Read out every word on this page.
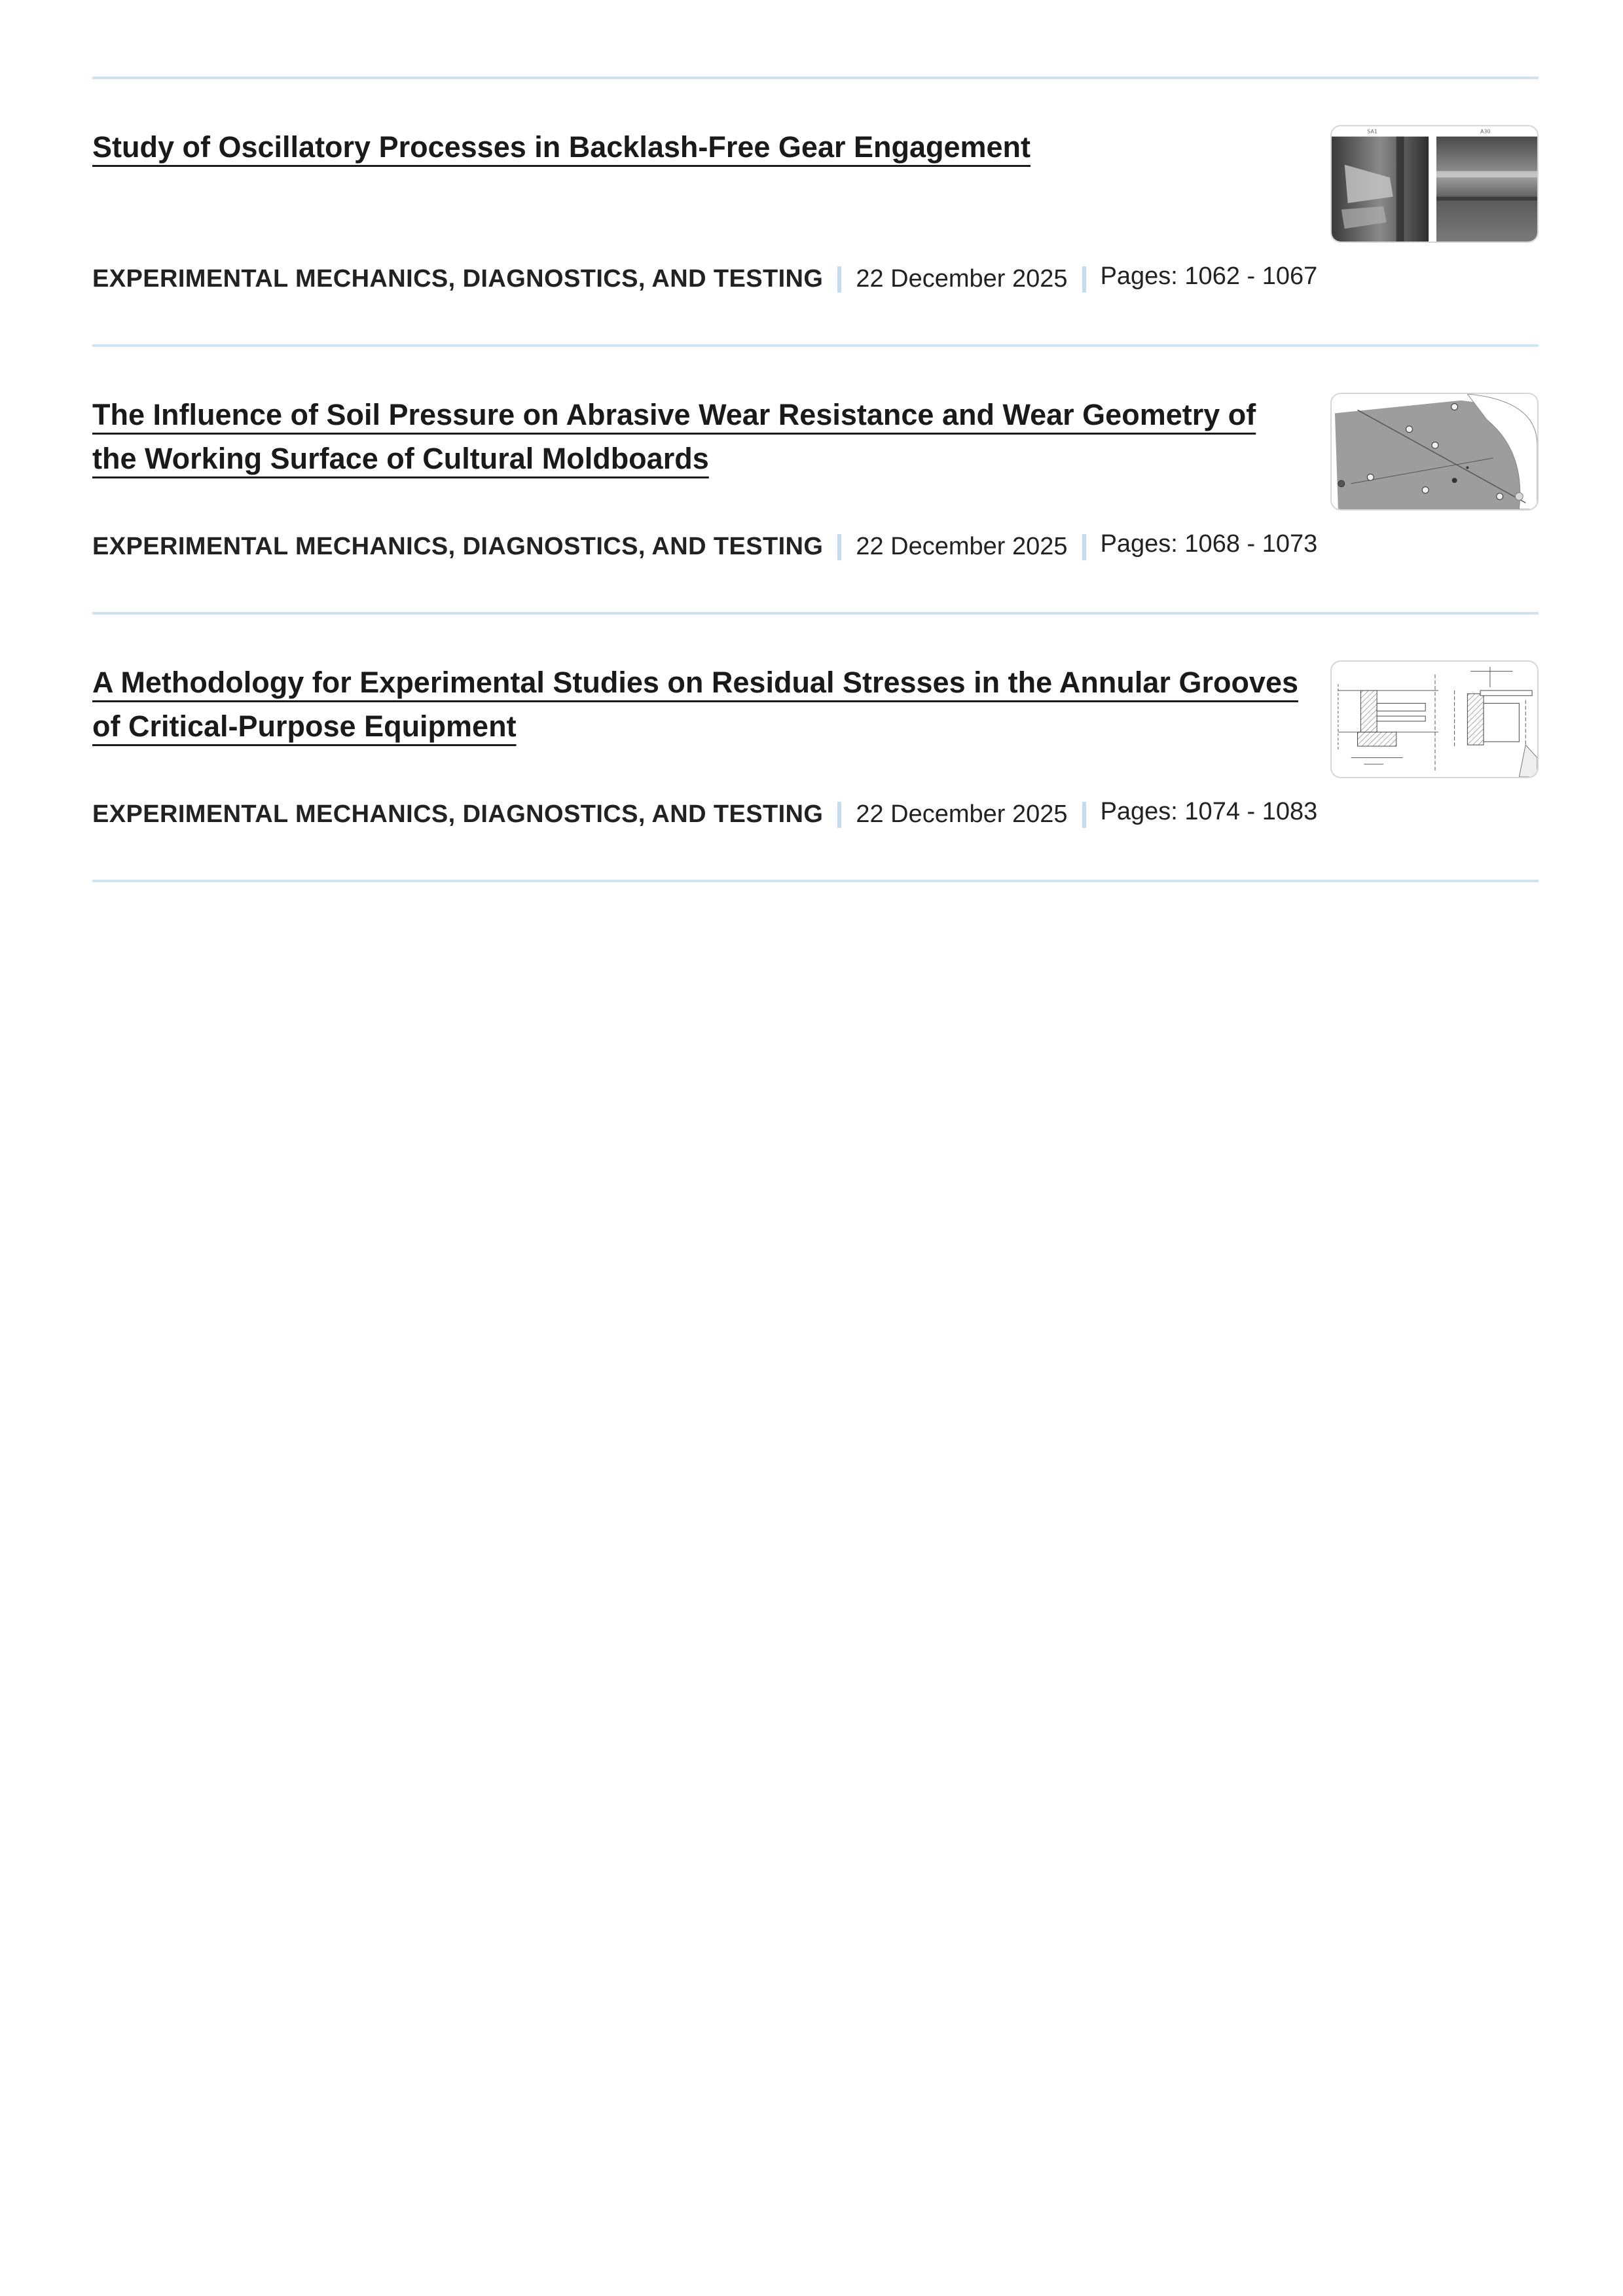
Study of Oscillatory Processes in Backlash-Free Gear Engagement
EXPERIMENTAL MECHANICS, DIAGNOSTICS, AND TESTING 22 December 2025 Pages: 1062 - 1067
S‬A1	A30
The Influence of Soil Pressure on Abrasive Wear Resistance and Wear Geometry of the Working Surface of Cultural Moldboards
EXPERIMENTAL MECHANICS, DIAGNOSTICS, AND TESTING 22 December 2025 Pages: 1068 - 1073
A Methodology for Experimental Studies on Residual Stresses in the Annular Grooves of Critical-Purpose Equipment
EXPERIMENTAL MECHANICS, DIAGNOSTICS, AND TESTING 22 December 2025 Pages: 1074 - 1083
